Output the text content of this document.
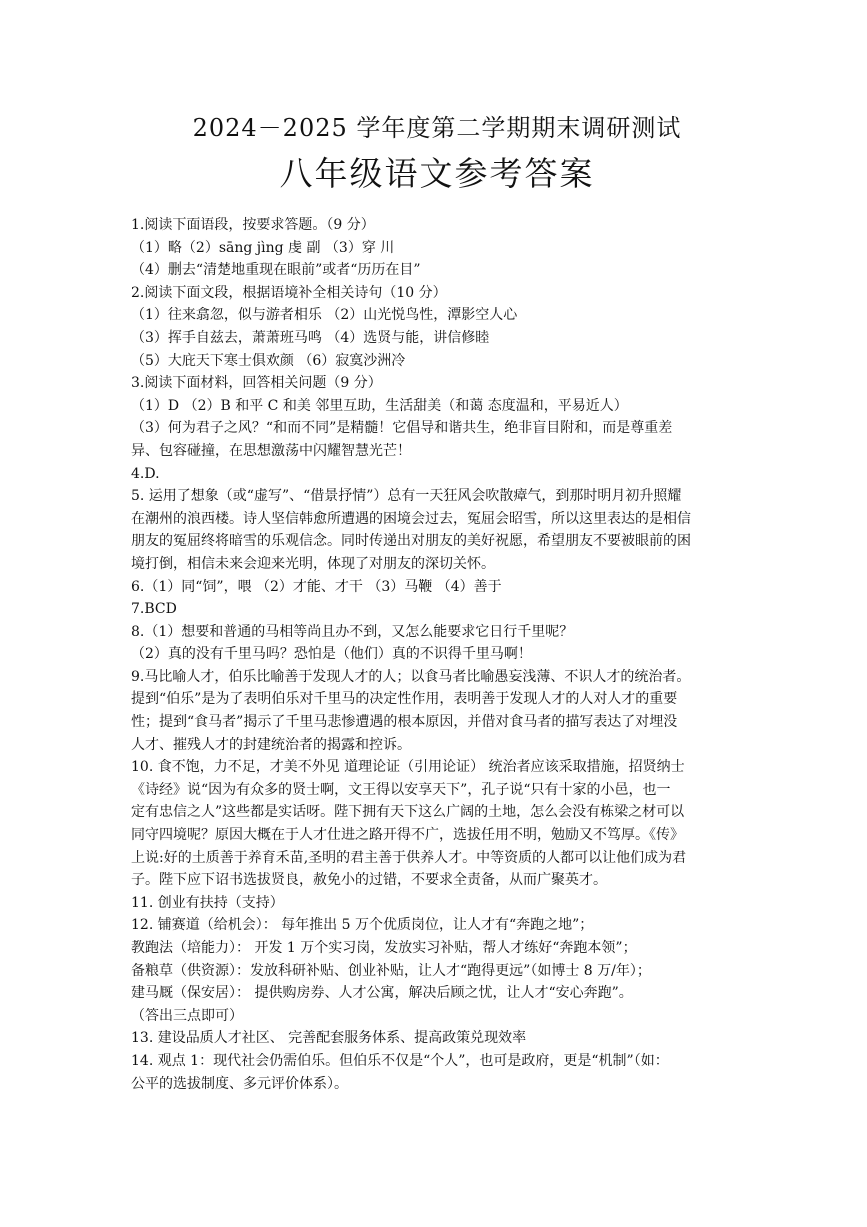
2024－2025 学年度第二学期期末调研测试
八年级语文参考答案
1.阅读下面语段，按要求答题。（9 分）
（1）略（2）sāng jìng 虔 副 （3）穿 川
（4）删去“清楚地重现在眼前”或者“历历在目”
2.阅读下面文段，根据语境补全相关诗句（10 分）
（1）往来翕忽，似与游者相乐 （2）山光悦鸟性，潭影空人心
（3）挥手自兹去，萧萧班马鸣 （4）选贤与能，讲信修睦
（5）大庇天下寒士俱欢颜 （6）寂寞沙洲冷
3.阅读下面材料，回答相关问题（9 分）
（1）D （2）B 和平 C 和美 邻里互助，生活甜美（和蔼 态度温和，平易近人）
（3）何为君子之风？“和而不同”是精髓！它倡导和谐共生，绝非盲目附和，而是尊重差
异、包容碰撞，在思想激荡中闪耀智慧光芒！
4.D.
5. 运用了想象（或“虚写”、“借景抒情”）总有一天狂风会吹散瘴气，到那时明月初升照耀
在潮州的浪西楼。诗人坚信韩愈所遭遇的困境会过去，冤屈会昭雪，所以这里表达的是相信
朋友的冤屈终将暗雪的乐观信念。同时传递出对朋友的美好祝愿，希望朋友不要被眼前的困
境打倒，相信未来会迎来光明，体现了对朋友的深切关怀。
6.（1）同“饲”，喂 （2）才能、才干 （3）马鞭 （4）善于
7.BCD
8.（1）想要和普通的马相等尚且办不到，又怎么能要求它日行千里呢？
（2）真的没有千里马吗？恐怕是（他们）真的不识得千里马啊！
9.马比喻人才，伯乐比喻善于发现人才的人；以食马者比喻愚妄浅薄、不识人才的统治者。
提到“伯乐”是为了表明伯乐对千里马的决定性作用，表明善于发现人才的人对人才的重要
性；提到“食马者”揭示了千里马悲惨遭遇的根本原因，并借对食马者的描写表达了对埋没
人才、摧残人才的封建统治者的揭露和控诉。
10. 食不饱，力不足，才美不外见 道理论证（引用论证） 统治者应该采取措施，招贤纳士
《诗经》说“因为有众多的贤士啊，文王得以安享天下”，孔子说“只有十家的小邑，也一
定有忠信之人”这些都是实话呀。陛下拥有天下这么广阔的土地，怎么会没有栋梁之材可以
同守四境呢？原因大概在于人才仕进之路开得不广，选拔任用不明，勉励又不笃厚。《传》
上说:好的土质善于养育禾苗,圣明的君主善于供养人才。中等资质的人都可以让他们成为君
子。陛下应下诏书选拔贤良，赦免小的过错，不要求全责备，从而广聚英才。
11. 创业有扶持（支持）
12. 铺赛道（给机会）： 每年推出 5 万个优质岗位，让人才有“奔跑之地”；
教跑法（培能力）： 开发 1 万个实习岗，发放实习补贴，帮人才练好“奔跑本领”；
备粮草（供资源）：发放科研补贴、创业补贴，让人才“跑得更远”（如博士 8 万/年）；
建马厩（保安居）： 提供购房券、人才公寓，解决后顾之忧，让人才“安心奔跑”。
（答出三点即可）
13. 建设品质人才社区、 完善配套服务体系、提高政策兑现效率
14. 观点 1：现代社会仍需伯乐。但伯乐不仅是“个人”，也可是政府，更是“机制”（如：
公平的选拔制度、多元评价体系）。
